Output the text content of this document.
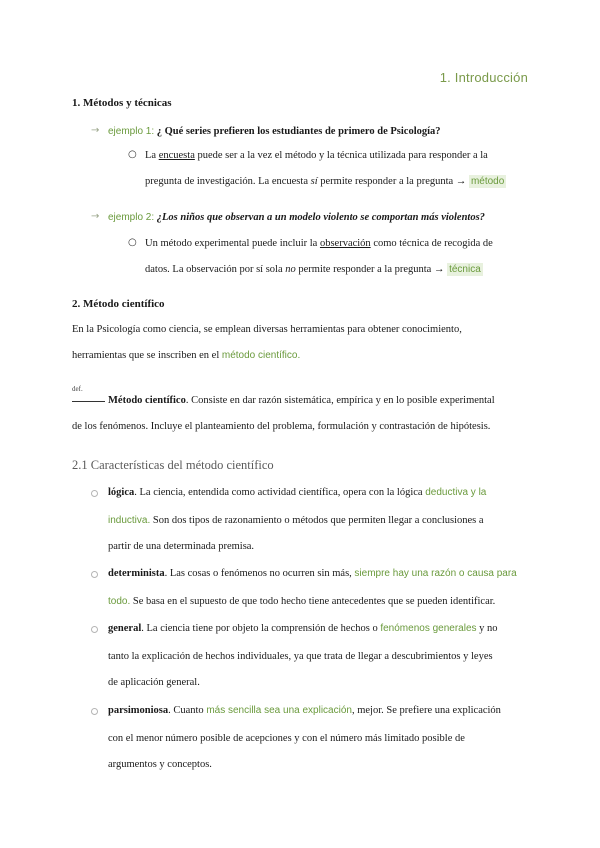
1. Introducción
1. Métodos y técnicas
→ ejemplo 1: ¿ Qué series prefieren los estudiantes de primero de Psicología?
○ La encuesta puede ser a la vez el método y la técnica utilizada para responder a la
pregunta de investigación. La encuesta sí permite responder a la pregunta → método
→ ejemplo 2: ¿Los niños que observan a un modelo violento se comportan más violentos?
○ Un método experimental puede incluir la observación como técnica de recogida de
datos. La observación por sí sola no permite responder a la pregunta → técnica
2. Método científico
En la Psicología como ciencia, se emplean diversas herramientas para obtener conocimiento,
herramientas que se inscriben en el método científico.
def.
Método científico. Consiste en dar razón sistemática, empírica y en lo posible experimental
de los fenómenos. Incluye el planteamiento del problema, formulación y contrastación de hipótesis.
2.1 Características del método científico
lógica. La ciencia, entendida como actividad científica, opera con la lógica deductiva y la
inductiva. Son dos tipos de razonamiento o métodos que permiten llegar a conclusiones a
partir de una determinada premisa.
determinista. Las cosas o fenómenos no ocurren sin más, siempre hay una razón o causa para
todo. Se basa en el supuesto de que todo hecho tiene antecedentes que se pueden identificar.
general. La ciencia tiene por objeto la comprensión de hechos o fenómenos generales y no
tanto la explicación de hechos individuales, ya que trata de llegar a descubrimientos y leyes
de aplicación general.
parsimoniosa. Cuanto más sencilla sea una explicación, mejor. Se prefiere una explicación
con el menor número posible de acepciones y con el número más limitado posible de
argumentos y conceptos.
